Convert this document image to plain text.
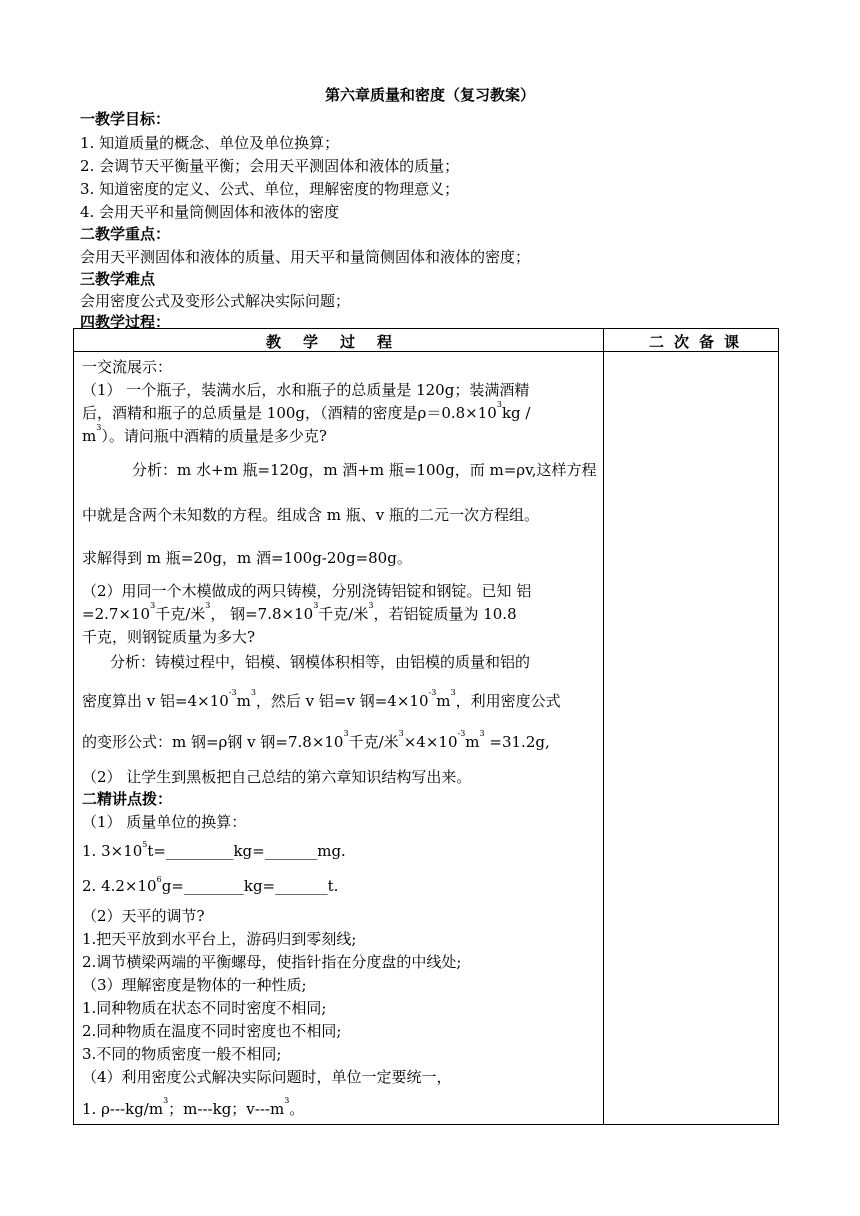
第六章质量和密度（复习教案）
一教学目标：
1. 知道质量的概念、单位及单位换算；
2. 会调节天平衡量平衡；会用天平测固体和液体的质量；
3. 知道密度的定义、公式、单位，理解密度的物理意义；
4. 会用天平和量筒侧固体和液体的密度
二教学重点：
会用天平测固体和液体的质量、用天平和量筒侧固体和液体的密度；
三教学难点
会用密度公式及变形公式解决实际问题；
四教学过程：
教学过程	二次备课
一交流展示：
（1） 一个瓶子，装满水后，水和瓶子的总质量是 120g；装满酒精
后，酒精和瓶子的总质量是 100g，（酒精的密度是$\rho=0.8\times 10^3kg$ /
$m^3$）。请问瓶中酒精的质量是多少克?
分析：m 水+m 瓶=120g，m 酒+m 瓶=100g，而 m=ρv,这样方程
中就是含两个未知数的方程。组成含 m 瓶、v 瓶的二元一次方程组。
求解得到 m 瓶=20g，m 酒=100g-20g=80g。
（2）用同一个木模做成的两只铸模，分别浇铸铝锭和钢锭。已知 铝
$=2.7\times 10^3$千克/米$^3$， 钢$=7.8\times 10^3$千克/米$^3$，若铝锭质量为 10.8
千克，则钢锭质量为多大?
分析：铸模过程中，铝模、钢模体积相等，由铝模的质量和铝的
密度算出 v 铝$=4\times 10^{-3}m^3$，然后 v 铝=v 钢$=4\times 10^{-3}m^3$，利用密度公式
的变形公式：m 钢=ρ钢 v 钢$=7.8\times 10^3$千克/米$^3\times 4\times 10^{-3}m^3 =31.2g$,
（2） 让学生到黑板把自己总结的第六章知识结构写出来。
二精讲点拨：
（1） 质量单位的换算：
1. $3\times 10^5t=\_\_\_\_\_\_\_\_\_kg=\_\_\_\_\_\_\_mg$.
2. $4.2\times 10^6g=\_\_\_\_\_\_\_\_kg=\_\_\_\_\_\_\_t$.
（2）天平的调节?
1.把天平放到水平台上，游码归到零刻线;
2.调节横梁两端的平衡螺母，使指针指在分度盘的中线处;
（3）理解密度是物体的一种性质;
1.同种物质在状态不同时密度不相同;
2.同种物质在温度不同时密度也不相同;
3.不同的物质密度一般不相同;
（4）利用密度公式解决实际问题时，单位一定要统一，
1. $\rho---kg/m^3$；m---kg；$v---m^3$。
